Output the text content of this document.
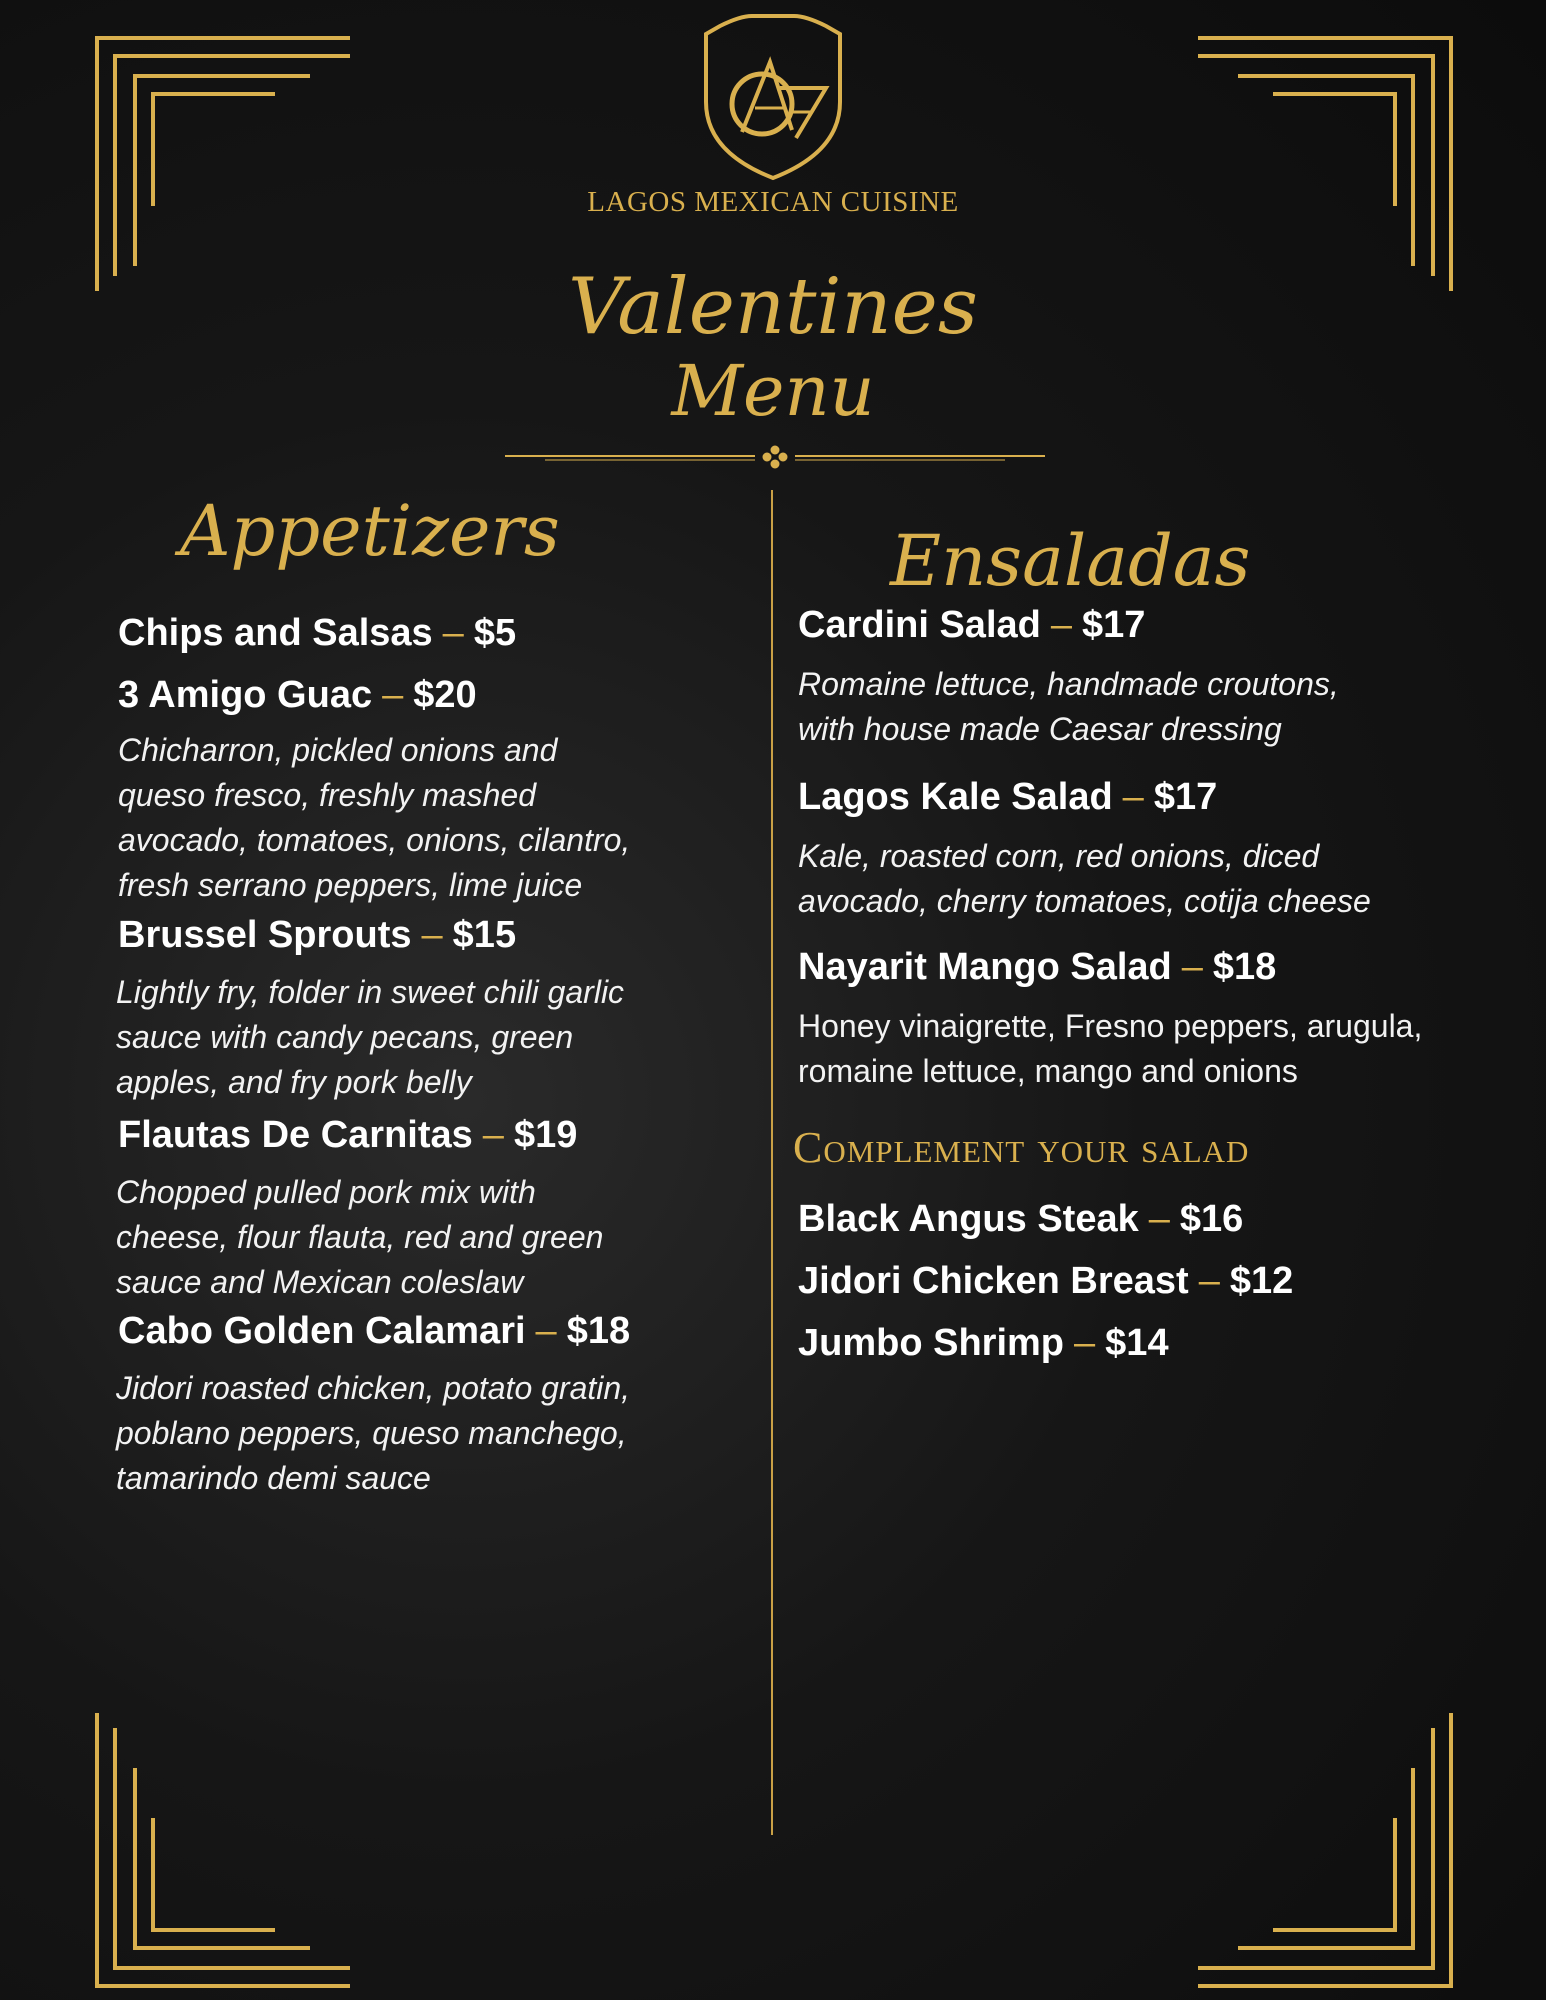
LAGOS MEXICAN CUISINE
Valentines
Menu
Appetizers	Ensaladas
Chips and Salsas – $5
3 Amigo Guac – $20
Chicharron, pickled onions and
queso fresco, freshly mashed
avocado, tomatoes, onions, cilantro,
fresh serrano peppers, lime juice
Brussel Sprouts – $15
Lightly fry, folder in sweet chili garlic
sauce with candy pecans, green
apples, and fry pork belly
Flautas De Carnitas – $19
Chopped pulled pork mix with
cheese, flour flauta, red and green
sauce and Mexican coleslaw
Cabo Golden Calamari – $18
Jidori roasted chicken, potato gratin,
poblano peppers, queso manchego,
tamarindo demi sauce
Cardini Salad – $17
Romaine lettuce, handmade croutons,
with house made Caesar dressing
Lagos Kale Salad – $17
Kale, roasted corn, red onions, diced
avocado, cherry tomatoes, cotija cheese
Nayarit Mango Salad – $18
Honey vinaigrette, Fresno peppers, arugula,
romaine lettuce, mango and onions
Complement your salad
Black Angus Steak – $16
Jidori Chicken Breast – $12
Jumbo Shrimp – $14
